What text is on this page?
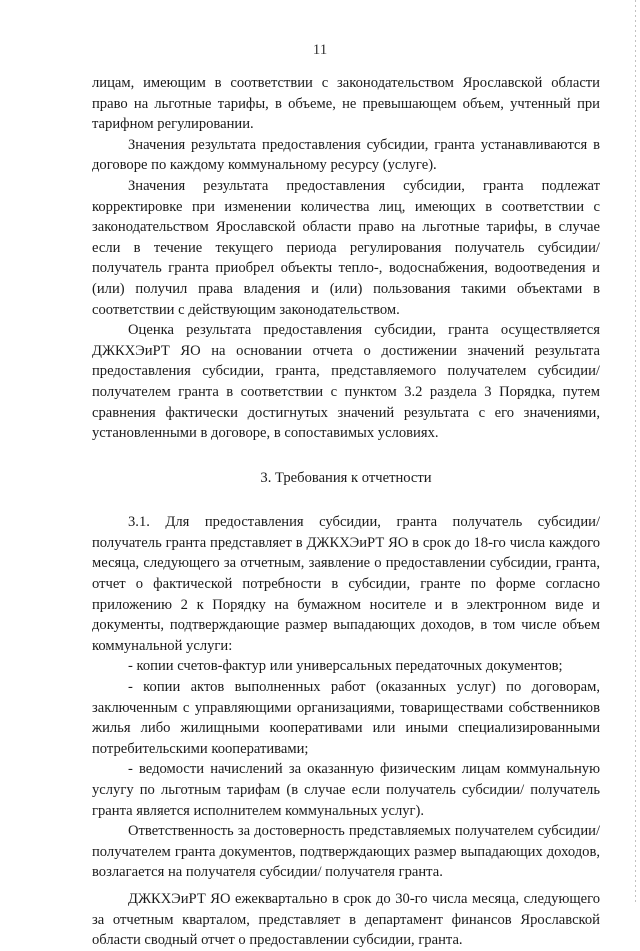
11

лицам, имеющим в соответствии с законодательством Ярославской области право на льготные тарифы, в объеме, не превышающем объем, учтенный при тарифном регулировании.

Значения результата предоставления субсидии, гранта устанавливаются в договоре по каждому коммунальному ресурсу (услуге).

Значения результата предоставления субсидии, гранта подлежат корректировке при изменении количества лиц, имеющих в соответствии с законодательством Ярославской области право на льготные тарифы, в случае если в течение текущего периода регулирования получатель субсидии/ получатель гранта приобрел объекты тепло-, водоснабжения, водоотведения и (или) получил права владения и (или) пользования такими объектами в соответствии с действующим законодательством.

Оценка результата предоставления субсидии, гранта осуществляется ДЖКХЭиРТ ЯО на основании отчета о достижении значений результата предоставления субсидии, гранта, представляемого получателем субсидии/ получателем гранта в соответствии с пунктом 3.2 раздела 3 Порядка, путем сравнения фактически достигнутых значений результата с его значениями, установленными в договоре, в сопоставимых условиях.

3. Требования к отчетности

3.1. Для предоставления субсидии, гранта получатель субсидии/ получатель гранта представляет в ДЖКХЭиРТ ЯО в срок до 18-го числа каждого месяца, следующего за отчетным, заявление о предоставлении субсидии, гранта, отчет о фактической потребности в субсидии, гранте по форме согласно приложению 2 к Порядку на бумажном носителе и в электронном виде и документы, подтверждающие размер выпадающих доходов, в том числе объем коммунальной услуги:

- копии счетов-фактур или универсальных передаточных документов;

- копии актов выполненных работ (оказанных услуг) по договорам, заключенным с управляющими организациями, товариществами собственников жилья либо жилищными кооперативами или иными специализированными потребительскими кооперативами;

- ведомости начислений за оказанную физическим лицам коммунальную услугу по льготным тарифам (в случае если получатель субсидии/ получатель гранта является исполнителем коммунальных услуг).

Ответственность за достоверность представляемых получателем субсидии/ получателем гранта документов, подтверждающих размер выпадающих доходов, возлагается на получателя субсидии/ получателя гранта.

ДЖКХЭиРТ ЯО ежеквартально в срок до 30-го числа месяца, следующего за отчетным кварталом, представляет в департамент финансов Ярославской области сводный отчет о предоставлении субсидии, гранта.
